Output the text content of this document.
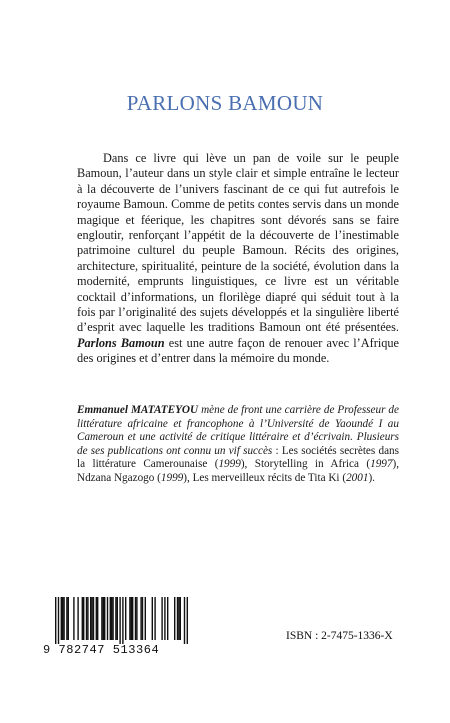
PARLONS BAMOUN

Dans ce livre qui lève un pan de voile sur le peuple Bamoun, l’auteur dans un style clair et simple entraîne le lecteur à la découverte de l’univers fascinant de ce qui fut autrefois le royaume Bamoun. Comme de petits contes servis dans un monde magique et féerique, les chapitres sont dévorés sans se faire engloutir, renforçant l’appétit de la découverte de l’inestimable patrimoine culturel du peuple Bamoun. Récits des origines, architecture, spiritualité, peinture de la société, évolution dans la modernité, emprunts linguistiques, ce livre est un véritable cocktail d’informations, un florilège diapré qui séduit tout à la fois par l’originalité des sujets développés et la singulière liberté d’esprit avec laquelle les traditions Bamoun ont été présentées. Parlons Bamoun est une autre façon de renouer avec l’Afrique des origines et d’entrer dans la mémoire du monde.

Emmanuel MATATEYOU mène de front une carrière de Professeur de littérature africaine et francophone à l’Université de Yaoundé I au Cameroun et une activité de critique littéraire et d’écrivain. Plusieurs de ses publications ont connu un vif succès : Les sociétés secrètes dans la littérature Camerounaise (1999), Storytelling in Africa (1997), Ndzana Ngazogo (1999), Les merveilleux récits de Tita Ki (2001).

9 782747 513364
ISBN : 2-7475-1336-X
